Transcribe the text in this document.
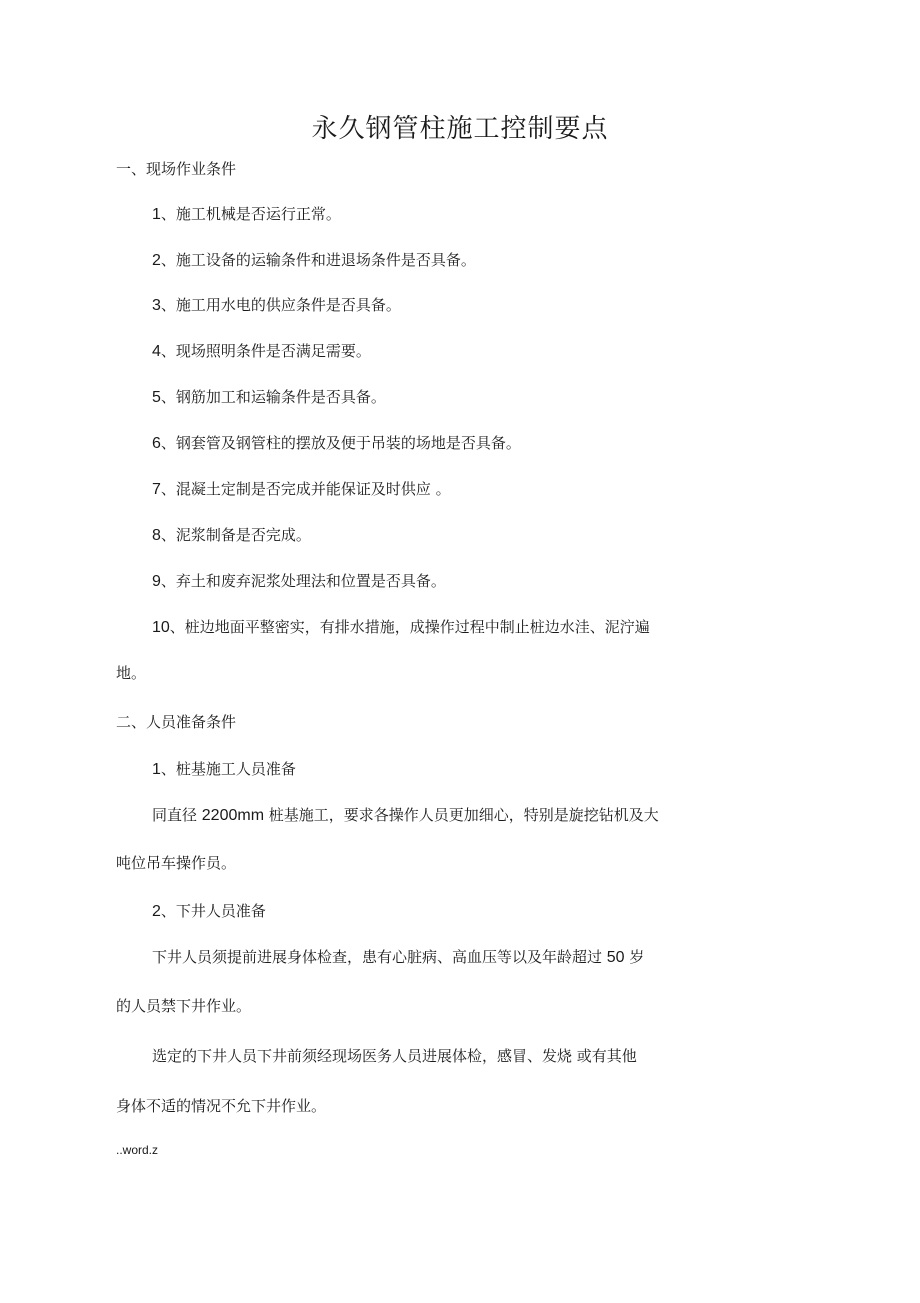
永久钢管柱施工控制要点

一、现场作业条件

1、施工机械是否运行正常。

2、施工设备的运输条件和进退场条件是否具备。

3、施工用水电的供应条件是否具备。

4、现场照明条件是否满足需要。

5、钢筋加工和运输条件是否具备。

6、钢套管及钢管柱的摆放及便于吊装的场地是否具备。

7、混凝土定制是否完成并能保证及时供应 。

8、泥浆制备是否完成。

9、弃土和废弃泥浆处理法和位置是否具备。

10、桩边地面平整密实，有排水措施，成操作过程中制止桩边水洼、泥泞遍

地。

二、人员准备条件

1、桩基施工人员准备

同直径 2200mm 桩基施工，要求各操作人员更加细心，特别是旋挖钻机及大

吨位吊车操作员。

2、下井人员准备

下井人员须提前进展身体检查，患有心脏病、高血压等以及年龄超过 50 岁

的人员禁下井作业。

选定的下井人员下井前须经现场医务人员进展体检，感冒、发烧 或有其他

身体不适的情况不允下井作业。

..word.z
